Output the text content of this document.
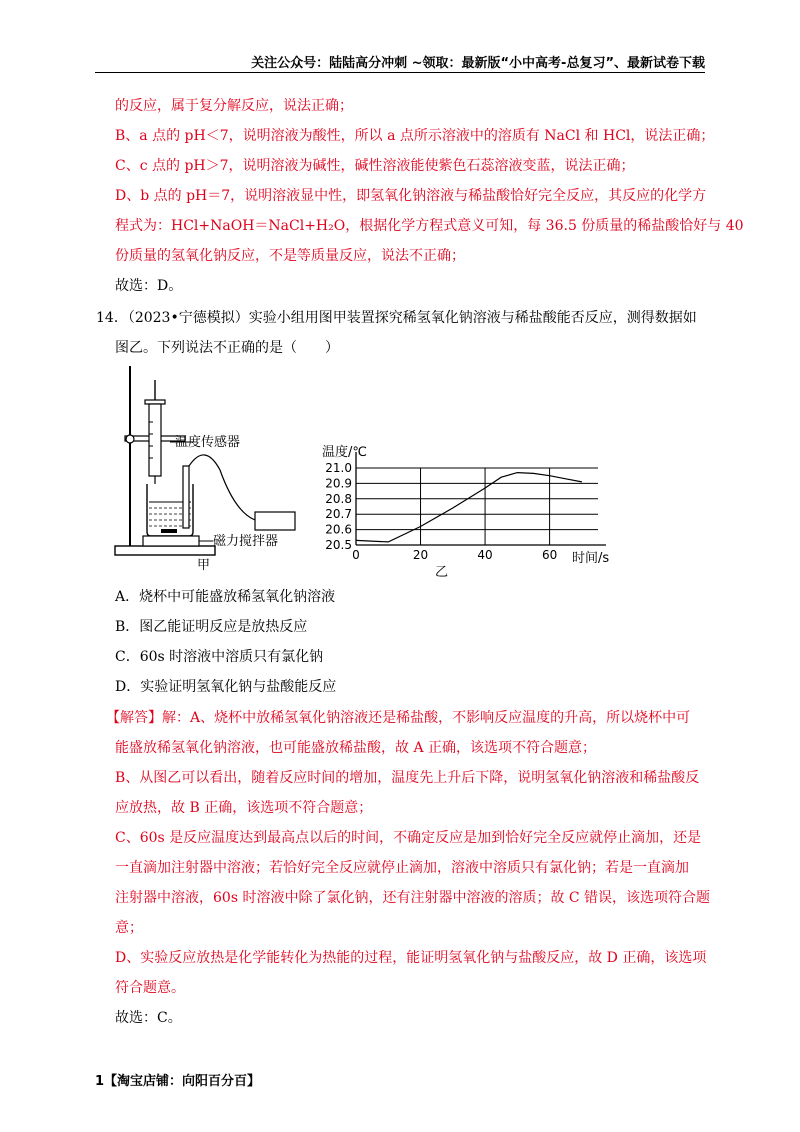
关注公众号：陆陆高分冲刺 ~领取：最新版“小中高考-总复习”、最新试卷下载
的反应，属于复分解反应，说法正确；
B、a 点的 pH＜7，说明溶液为酸性，所以 a 点所示溶液中的溶质有 NaCl 和 HCl，说法正确；
C、c 点的 pH＞7，说明溶液为碱性，碱性溶液能使紫色石蕊溶液变蓝，说法正确；
D、b 点的 pH＝7，说明溶液显中性，即氢氧化钠溶液与稀盐酸恰好完全反应，其反应的化学方
程式为：HCl+NaOH＝NaCl+H₂O，根据化学方程式意义可知，每 36.5 份质量的稀盐酸恰好与 40
份质量的氢氧化钠反应，不是等质量反应，说法不正确；
故选：D。
14．（2023•宁德模拟）实验小组用图甲装置探究稀氢氧化钠溶液与稀盐酸能否反应，测得数据如
图乙。下列说法不正确的是（　　）
温度传感器
磁力搅拌器
甲
温度/℃
时间/s
乙
20.5
20.6
20.7
20.8
20.9
21.0
0	20	40	60
A．烧杯中可能盛放稀氢氧化钠溶液
B．图乙能证明反应是放热反应
C．60s 时溶液中溶质只有氯化钠
D．实验证明氢氧化钠与盐酸能反应
【解答】解：A、烧杯中放稀氢氧化钠溶液还是稀盐酸，不影响反应温度的升高，所以烧杯中可
能盛放稀氢氧化钠溶液，也可能盛放稀盐酸，故 A 正确，该选项不符合题意；
B、从图乙可以看出，随着反应时间的增加，温度先上升后下降，说明氢氧化钠溶液和稀盐酸反
应放热，故 B 正确，该选项不符合题意；
C、60s 是反应温度达到最高点以后的时间，不确定反应是加到恰好完全反应就停止滴加，还是
一直滴加注射器中溶液；若恰好完全反应就停止滴加，溶液中溶质只有氯化钠；若是一直滴加
注射器中溶液，60s 时溶液中除了氯化钠，还有注射器中溶液的溶质；故 C 错误，该选项符合题
意；
D、实验反应放热是化学能转化为热能的过程，能证明氢氧化钠与盐酸反应，故 D 正确，该选项
符合题意。
故选：C。
1【淘宝店铺：向阳百分百】
